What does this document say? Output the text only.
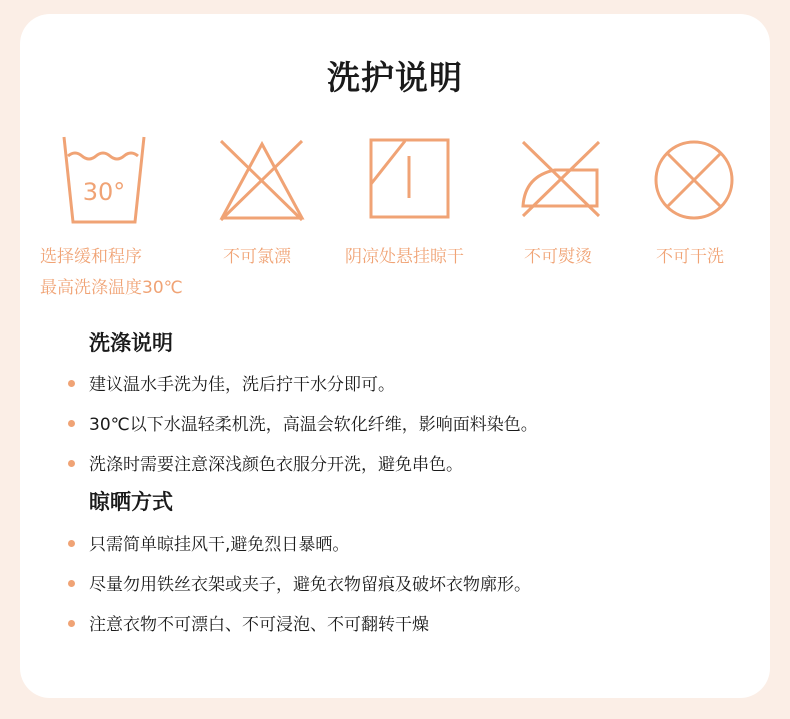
洗护说明
30°
选择缓和程序
最高洗涤温度30℃
不可氯漂	阴凉处悬挂晾干	不可熨烫	不可干洗
洗涤说明
建议温水手洗为佳，洗后拧干水分即可。
30℃以下水温轻柔机洗，高温会软化纤维，影响面料染色。
洗涤时需要注意深浅颜色衣服分开洗，避免串色。
晾晒方式
只需简单晾挂风干,避免烈日暴晒。
尽量勿用铁丝衣架或夹子，避免衣物留痕及破坏衣物廓形。
注意衣物不可漂白、不可浸泡、不可翻转干燥
